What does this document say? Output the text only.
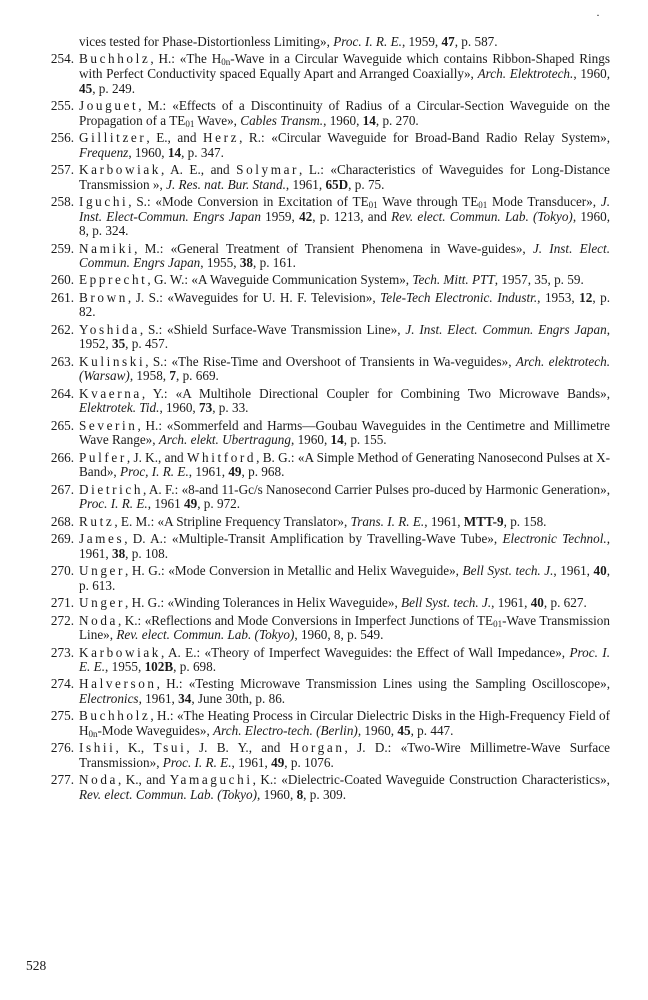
·

vices tested for Phase-Distortionless Limiting», Proc. I. R. E., 1959, 47, p. 587.

254. Buchholz, H.: «The $H_{0n}$-Wave in a Circular Waveguide which contains Ribbon-Shaped Rings with Perfect Conductivity spaced Equally Apart and Arranged Coaxially», Arch. Elektrotech., 1960, 45, p. 249.

255. Jouguet, M.: «Effects of a Discontinuity of Radius of a Circular-Section Waveguide on the Propagation of a $TE_{01}$ Wave», Cables Transm., 1960, 14, p. 270.

256. Gillitzer, E., and Herz, R.: «Circular Waveguide for Broad-Band Radio Relay System», Frequenz, 1960, 14, p. 347.

257. Karbowiak, A. E., and Solymar, L.: «Characteristics of Waveguides for Long-Distance Transmission », J. Res. nat. Bur. Stand., 1961, 65D, p. 75.

258. Iguchi, S.: «Mode Conversion in Excitation of $TE_{01}$ Wave through $TE_{01}$ Mode Transducer», J. Inst. Elect-Commun. Engrs Japan 1959, 42, p. 1213, and Rev. elect. Commun. Lab. (Tokyo), 1960, 8, p. 324.

259. Namiki, M.: «General Treatment of Transient Phenomena in Wave-guides», J. Inst. Elect. Commun. Engrs Japan, 1955, 38, p. 161.

260. Epprecht, G. W.: «A Waveguide Communication System», Tech. Mitt. PTT, 1957, 35, p. 59.

261. Brown, J. S.: «Waveguides for U. H. F. Television», Tele-Tech Electronic. Industr., 1953, 12, p. 82.

262. Yoshida, S.: «Shield Surface-Wave Transmission Line», J. Inst. Elect. Commun. Engrs Japan, 1952, 35, p. 457.

263. Kulinski, S.: «The Rise-Time and Overshoot of Transients in Wa-veguides», Arch. elektrotech. (Warsaw), 1958, 7, p. 669.

264. Kvaerna, Y.: «A Multihole Directional Coupler for Combining Two Microwave Bands», Elektrotek. Tid., 1960, 73, p. 33.

265. Severin, H.: «Sommerfeld and Harms—Goubau Waveguides in the Centimetre and Millimetre Wave Range», Arch. elekt. Ubertragung, 1960, 14, p. 155.

266. Pulfer, J. K., and Whitford, B. G.: «A Simple Method of Generating Nanosecond Pulses at X-Band», Proc, I. R. E., 1961, 49, p. 968.

267. Dietrich, A. F.: «8-and 11-Gc/s Nanosecond Carrier Pulses pro-duced by Harmonic Generation», Proc. I. R. E., 1961 49, p. 972.

268. Rutz, E. M.: «A Stripline Frequency Translator», Trans. I. R. E., 1961, MTT-9, p. 158.

269. James, D. A.: «Multiple-Transit Amplification by Travelling-Wave Tube», Electronic Technol., 1961, 38, p. 108.

270. Unger, H. G.: «Mode Conversion in Metallic and Helix Waveguide», Bell Syst. tech. J., 1961, 40, p. 613.

271. Unger, H. G.: «Winding Tolerances in Helix Waveguide», Bell Syst. tech. J., 1961, 40, p. 627.

272. Noda, K.: «Reflections and Mode Conversions in Imperfect Junctions of $TE_{01}$-Wave Transmission Line», Rev. elect. Commun. Lab. (Tokyo), 1960, 8, p. 549.

273. Karbowiak, A. E.: «Theory of Imperfect Waveguides: the Effect of Wall Impedance», Proc. I. E. E., 1955, 102B, p. 698.

274. Halverson, H.: «Testing Microwave Transmission Lines using the Sampling Oscilloscope», Electronics, 1961, 34, June 30th, p. 86.

275. Buchholz, H.: «The Heating Process in Circular Dielectric Disks in the High-Frequency Field of $H_{0n}$-Mode Waveguides», Arch. Electro-tech. (Berlin), 1960, 45, p. 447.

276. Ishii, K., Tsui, J. B. Y., and Horgan, J. D.: «Two-Wire Millimetre-Wave Surface Transmission», Proc. I. R. E., 1961, 49, p. 1076.

277. Noda, K., and Yamaguchi, K.: «Dielectric-Coated Waveguide Construction Characteristics», Rev. elect. Commun. Lab. (Tokyo), 1960, 8, p. 309.

528
